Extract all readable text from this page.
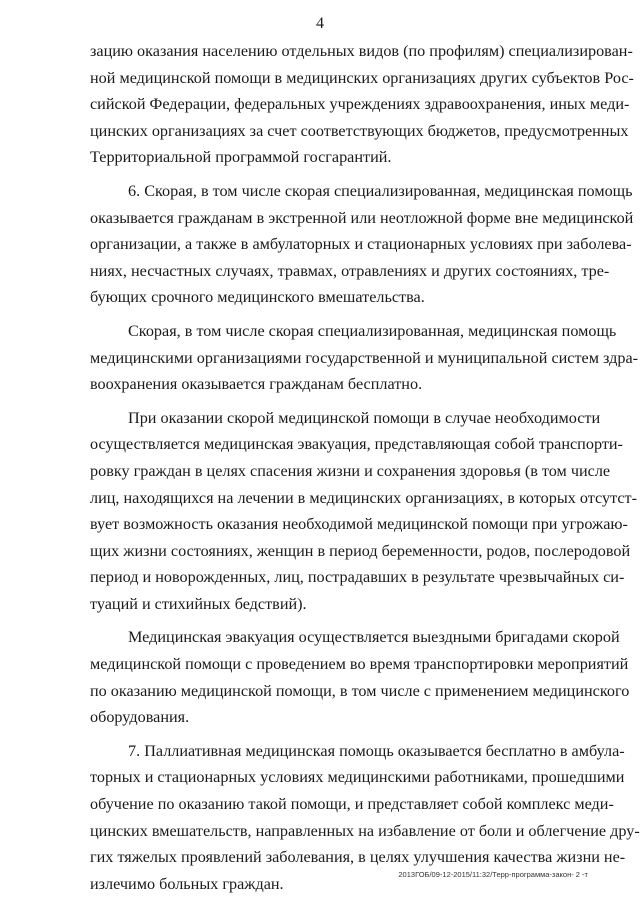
4
зацию оказания населению отдельных видов (по профилям) специализирован-
ной медицинской помощи в медицинских организациях других субъектов Рос-
сийской Федерации, федеральных учреждениях здравоохранения, иных меди-
цинских организациях за счет соответствующих бюджетов, предусмотренных
Территориальной программой госгарантий.
6. Скорая, в том числе скорая специализированная, медицинская помощь
оказывается гражданам в экстренной или неотложной форме вне медицинской
организации, а также в амбулаторных и стационарных условиях при заболева-
ниях, несчастных случаях, травмах, отравлениях и других состояниях, тре-
бующих срочного медицинского вмешательства.
Скорая, в том числе скорая специализированная, медицинская помощь
медицинскими организациями государственной и муниципальной систем здра-
воохранения оказывается гражданам бесплатно.
При оказании скорой медицинской помощи в случае необходимости
осуществляется медицинская эвакуация, представляющая собой транспорти-
ровку граждан в целях спасения жизни и сохранения здоровья (в том числе
лиц, находящихся на лечении в медицинских организациях, в которых отсутст-
вует возможность оказания необходимой медицинской помощи при угрожаю-
щих жизни состояниях, женщин в период беременности, родов, послеродовой
период и новорожденных, лиц, пострадавших в результате чрезвычайных си-
туаций и стихийных бедствий).
Медицинская эвакуация осуществляется выездными бригадами скорой
медицинской помощи с проведением во время транспортировки мероприятий
по оказанию медицинской помощи, в том числе с применением медицинского
оборудования.
7. Паллиативная медицинская помощь оказывается бесплатно в амбула-
торных и стационарных условиях медицинскими работниками, прошедшими
обучение по оказанию такой помощи, и представляет собой комплекс меди-
цинских вмешательств, направленных на избавление от боли и облегчение дру-
гих тяжелых проявлений заболевания, в целях улучшения качества жизни не-
излечимо больных граждан.
2013ГОБ/09-12-2015/11:32/Терр-программа-закон- 2 -т
